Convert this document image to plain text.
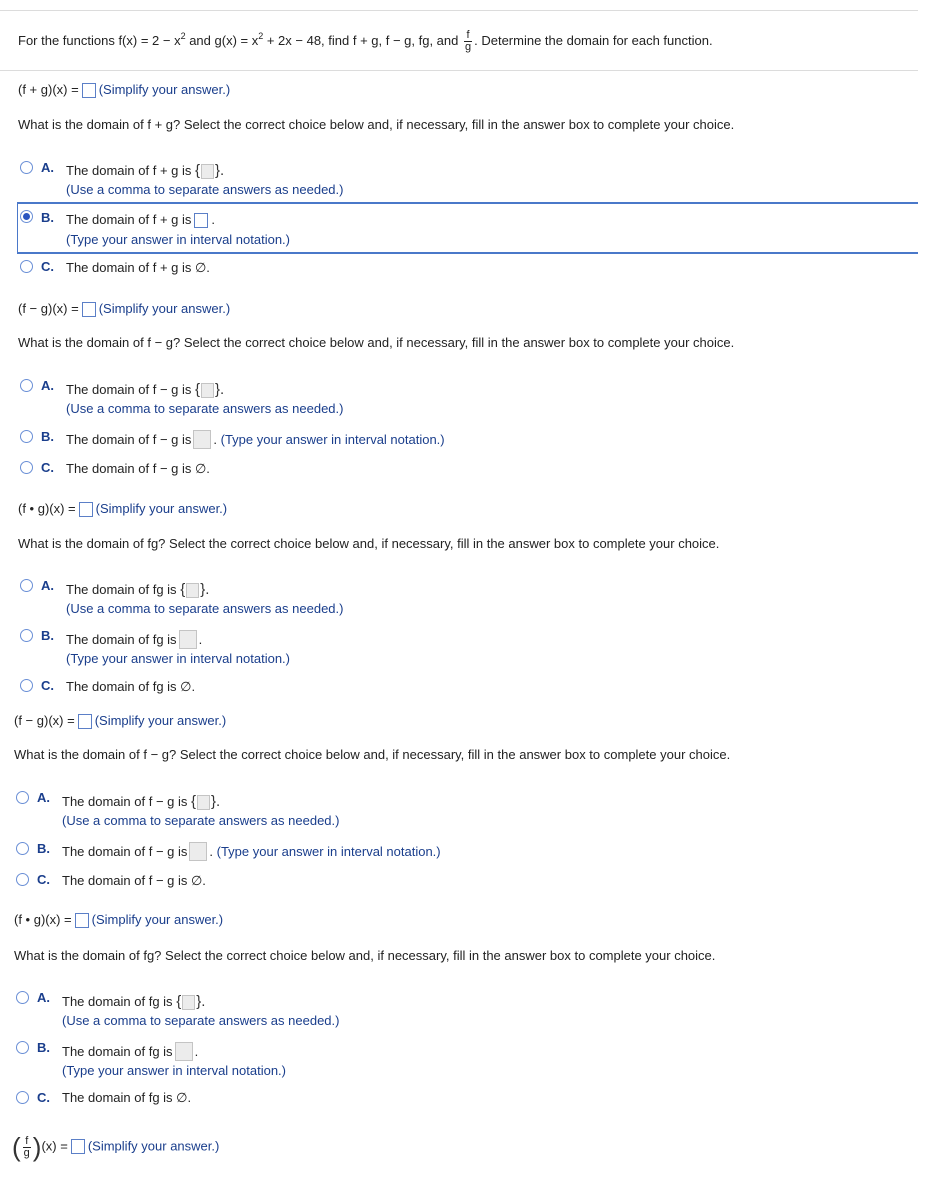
For the functions $f(x) = 2 - x^2$ and $g(x) = x^2 + 2x - 48$, find f + g, f − g, fg, and $\frac{f}{g}$ . Determine the domain for each function.
(f + g)(x) = (Simplify your answer.)
What is the domain of f + g? Select the correct choice below and, if necessary, fill in the answer box to complete your choice.
A. The domain of f + g is { }.
(Use a comma to separate answers as needed.)
B. The domain of f + g is .
(Type your answer in interval notation.)
C. The domain of f + g is ∅.
(f − g)(x) = (Simplify your answer.)
What is the domain of f − g? Select the correct choice below and, if necessary, fill in the answer box to complete your choice.
A. The domain of f − g is { }.
(Use a comma to separate answers as needed.)
B. The domain of f − g is . (Type your answer in interval notation.)
C. The domain of f − g is ∅.
(f • g)(x) = (Simplify your answer.)
What is the domain of fg? Select the correct choice below and, if necessary, fill in the answer box to complete your choice.
A. The domain of fg is { }.
(Use a comma to separate answers as needed.)
B. The domain of fg is .
(Type your answer in interval notation.)
C. The domain of fg is ∅.
(f − g)(x) = (Simplify your answer.)
What is the domain of f − g? Select the correct choice below and, if necessary, fill in the answer box to complete your choice.
A. The domain of f − g is { }.
(Use a comma to separate answers as needed.)
B. The domain of f − g is . (Type your answer in interval notation.)
C. The domain of f − g is ∅.
(f • g)(x) = (Simplify your answer.)
What is the domain of fg? Select the correct choice below and, if necessary, fill in the answer box to complete your choice.
A. The domain of fg is { }.
(Use a comma to separate answers as needed.)
B. The domain of fg is .
(Type your answer in interval notation.)
C. The domain of fg is ∅.
( $\frac{f}{g} )(x)$ = (Simplify your answer.)
